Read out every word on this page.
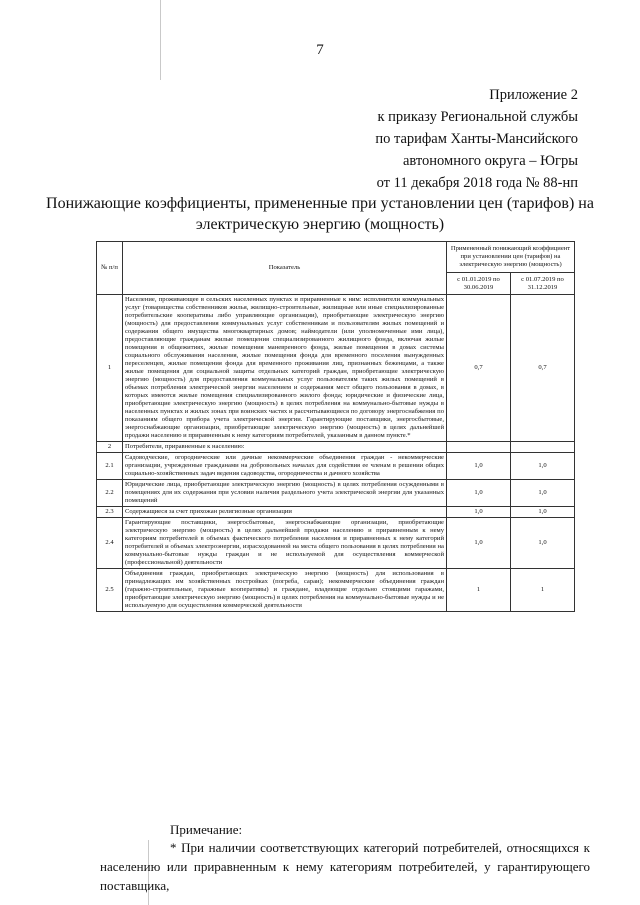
7
Приложение 2
к приказу Региональной службы
по тарифам Ханты-Мансийского
автономного округа – Югры
от 11 декабря 2018 года № 88-нп
Понижающие коэффициенты, примененные при установлении цен (тарифов) на электрическую энергию (мощность)
№ п/п	Показатель	Примененный понижающий коэффициент при установлении цен (тарифов) на электрическую энергию (мощность)	
		с 01.01.2019 по 30.06.2019	с 01.07.2019 по 31.12.2019
1	Население, проживающее в сельских населенных пунктах и приравненные к ним: исполнители коммунальных услуг (товарищества собственников жилья, жилищно-строительные, жилищные или иные специализированные потребительские кооперативы либо управляющие организации), приобретающие электрическую энергию (мощность) для предоставления коммунальных услуг собственникам и пользователям жилых помещений и содержания общего имущества многоквартирных домов; наймодатели (или уполномоченные ими лица), предоставляющие гражданам жилые помещения специализированного жилищного фонда, включая жилые помещения в общежитиях, жилые помещения маневренного фонда, жилые помещения в домах системы социального обслуживания населения, жилые помещения фонда для временного поселения вынужденных переселенцев, жилые помещения фонда для временного проживания лиц, признанных беженцами, а также жилые помещения для социальной защиты отдельных категорий граждан, приобретающие электрическую энергию (мощность) для предоставления коммунальных услуг пользователям таких жилых помещений в объемах потребления электрической энергии населением и содержания мест общего пользования в домах, в которых имеются жилые помещения специализированного жилого фонда; юридические и физические лица, приобретающие электрическую энергию (мощность) в целях потребления на коммунально-бытовые нужды в населенных пунктах и жилых зонах при воинских частях и рассчитывающиеся по договору энергоснабжения по показаниям общего прибора учета электрической энергии. Гарантирующие поставщики, энергосбытовые, энергоснабжающие организации, приобретающие электрическую энергию (мощность) в целях дальнейшей продажи населению и приравненным к нему категориям потребителей, указанным в данном пункте.*	0,7	0,7
2	Потребители, приравненные к населению:		
2.1	Садоводческие, огороднические или дачные некоммерческие объединения граждан - некоммерческие организации, учрежденные гражданами на добровольных началах для содействия ее членам в решении общих социально-хозяйственных задач ведения садоводства, огородничества и дачного хозяйства	1,0	1,0
2.2	Юридические лица, приобретающие электрическую энергию (мощность) в целях потребления осужденными в помещениях для их содержания при условии наличия раздельного учета электрической энергии для указанных помещений	1,0	1,0
2.3	Содержащиеся за счет прихожан религиозные организации	1,0	1,0
2.4	Гарантирующие поставщики, энергосбытовые, энергоснабжающие организации, приобретающие электрическую энергию (мощность) в целях дальнейшей продажи населению и приравненным к нему категориям потребителей в объемах фактического потребления населения и приравненных к нему категорий потребителей и объемах электроэнергии, израсходованной на места общего пользования в целях потребления на коммунально-бытовые нужды граждан и не используемой для осуществления коммерческой (профессиональной) деятельности	1,0	1,0
2.5	Объединения граждан, приобретающих электрическую энергию (мощность) для использования в принадлежащих им хозяйственных постройках (погреба, сараи); некоммерческие объединения граждан (гаражно-строительные, гаражные кооперативы) и граждане, владеющие отдельно стоящими гаражами, приобретающие электрическую энергию (мощность) в целях потребления на коммунально-бытовые нужды и не используемую для осуществления коммерческой деятельности	1	1
Примечание:
* При наличии соответствующих категорий потребителей, относящихся к населению или приравненным к нему категориям потребителей, у гарантирующего поставщика,
